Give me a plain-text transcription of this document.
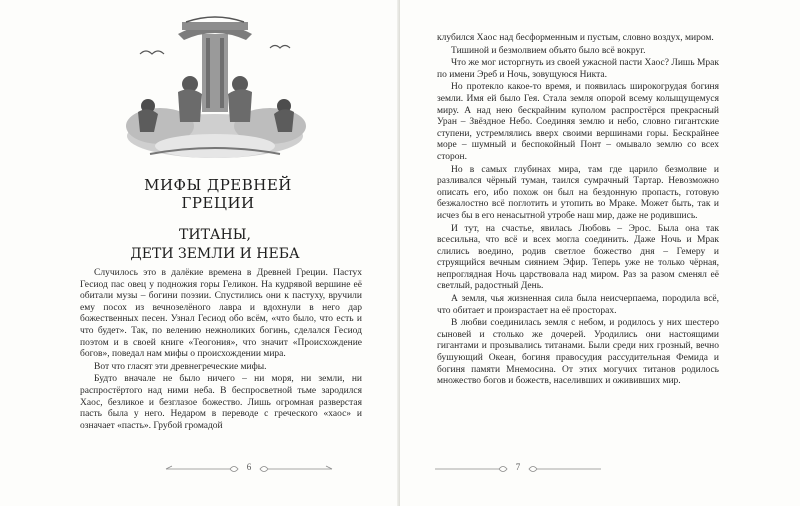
МИФЫ ДРЕВНЕЙ ГРЕЦИИ
ТИТАНЫ,
ДЕТИ ЗЕМЛИ И НЕБА

Случилось это в далёкие времена в Древней Греции. Пастух Гесиод пас овец у подножия горы Геликон. На кудрявой вершине её обитали музы – богини поэзии. Спустились они к пастуху, вручили ему посох из вечнозелёного лавра и вдохнули в него дар божественных песен. Узнал Гесиод обо всём, «что было, что есть и что будет». Так, по велению нежноликих богинь, сделался Гесиод поэтом и в своей книге «Теогония», что значит «Происхождение богов», поведал нам мифы о происхождении мира.

Вот что гласят эти древнегреческие мифы.

Будто вначале не было ничего – ни моря, ни земли, ни распростёртого над ними неба. В беспросветной тьме зародился Хаос, безликое и безглазое божество. Лишь огромная разверстая пасть была у него. Недаром в переводе с греческого «хаос» и означает «пасть». Грубой громадой

6

клубился Хаос над бесформенным и пустым, словно воздух, миром.

Тишиной и безмолвием объято было всё вокруг.

Что же мог исторгнуть из своей ужасной пасти Хаос? Лишь Мрак по имени Эреб и Ночь, зовущуюся Никта.

Но протекло какое-то время, и появилась широкогрудая богиня земли. Имя ей было Гея. Стала земля опорой всему колыщущемуся миру. А над нею бескрайним куполом распростёрся прекрасный Уран – Звёздное Небо. Соединяя землю и небо, словно гигантские ступени, устремлялись вверх своими вершинами горы. Бескрайнее море – шумный и беспокойный Понт – омывало землю со всех сторон.

Но в самых глубинах мира, там где царило безмолвие и разливался чёрный туман, таился сумрачный Тартар. Невозможно описать его, ибо похож он был на бездонную пропасть, готовую безжалостно всё поглотить и утопить во Мраке. Может быть, так и исчез бы в его ненасытной утробе наш мир, даже не родившись.

И тут, на счастье, явилась Любовь – Эрос. Была она так всесильна, что всё и всех могла соединить. Даже Ночь и Мрак слились воедино, родив светлое божество дня – Гемеру и струящийся вечным сиянием Эфир. Теперь уже не только чёрная, непроглядная Ночь царствовала над миром. Раз за разом сменял её светлый, радостный День.

А земля, чья жизненная сила была неисчерпаема, породила всё, что обитает и произрастает на её просторах.

В любви соединилась земля с небом, и родилось у них шестеро сыновей и столько же дочерей. Уродились они настоящими гигантами и прозывались титанами. Были среди них грозный, вечно бушующий Океан, богиня правосудия рассудительная Фемида и богиня памяти Мнемосина. От этих могучих титанов родилось множество богов и божеств, населивших и ожививших мир.

7
